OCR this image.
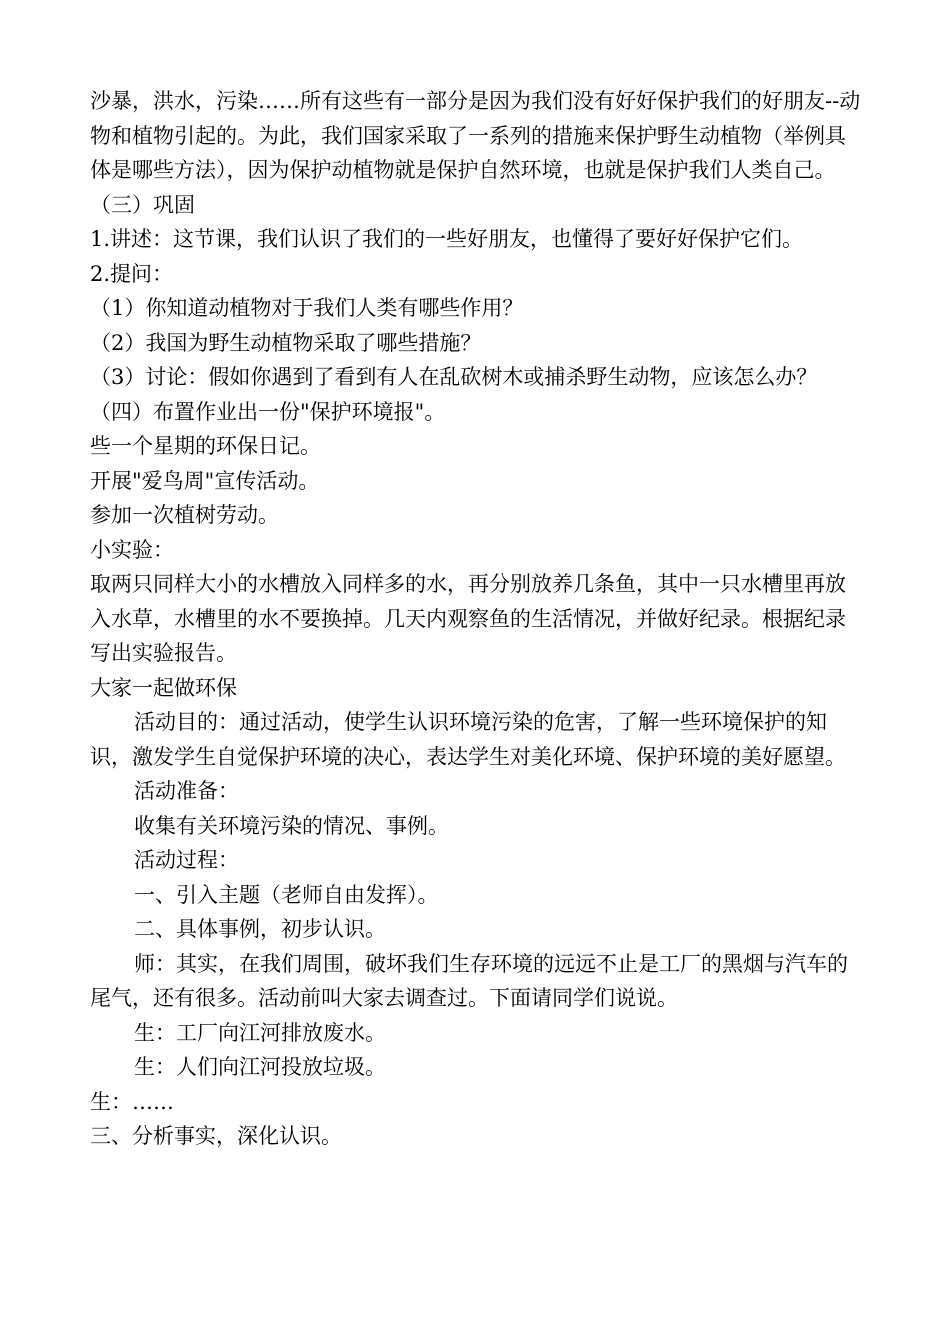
沙暴，洪水，污染……所有这些有一部分是因为我们没有好好保护我们的好朋友--动物和植物引起的。为此，我们国家采取了一系列的措施来保护野生动植物（举例具体是哪些方法），因为保护动植物就是保护自然环境，也就是保护我们人类自己。

（三）巩固

1.讲述：这节课，我们认识了我们的一些好朋友，也懂得了要好好保护它们。

2.提问：

（1）你知道动植物对于我们人类有哪些作用？

（2）我国为野生动植物采取了哪些措施？

（3）讨论：假如你遇到了看到有人在乱砍树木或捕杀野生动物，应该怎么办？

（四）布置作业出一份"保护环境报"。

些一个星期的环保日记。

开展"爱鸟周"宣传活动。

参加一次植树劳动。

小实验：

取两只同样大小的水槽放入同样多的水，再分别放养几条鱼，其中一只水槽里再放入水草，水槽里的水不要换掉。几天内观察鱼的生活情况，并做好纪录。根据纪录写出实验报告。

大家一起做环保

活动目的：通过活动，使学生认识环境污染的危害，了解一些环境保护的知识，激发学生自觉保护环境的决心，表达学生对美化环境、保护环境的美好愿望。

活动准备：

收集有关环境污染的情况、事例。

活动过程：

一、引入主题（老师自由发挥）。

二、具体事例，初步认识。

师：其实，在我们周围，破坏我们生存环境的远远不止是工厂的黑烟与汽车的尾气，还有很多。活动前叫大家去调查过。下面请同学们说说。

生：工厂向江河排放废水。

生：人们向江河投放垃圾。

生：……

三、分析事实，深化认识。
